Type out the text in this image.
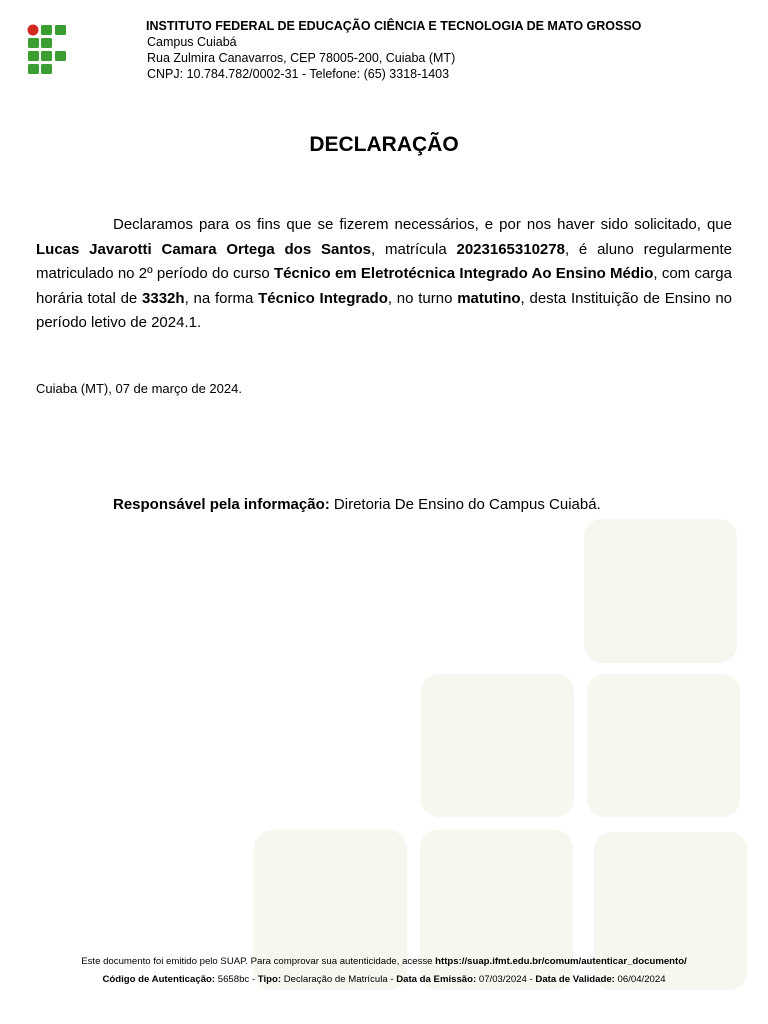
INSTITUTO FEDERAL DE EDUCAÇÃO CIÊNCIA E TECNOLOGIA DE MATO GROSSO
Campus Cuiabá
Rua Zulmira Canavarros, CEP 78005-200, Cuiaba (MT)
CNPJ: 10.784.782/0002-31 - Telefone: (65) 3318-1403
DECLARAÇÃO
Declaramos para os fins que se fizerem necessários, e por nos haver sido solicitado, que Lucas Javarotti Camara Ortega dos Santos, matrícula 2023165310278, é aluno regularmente matriculado no 2º período do curso Técnico em Eletrotécnica Integrado Ao Ensino Médio, com carga horária total de 3332h, na forma Técnico Integrado, no turno matutino, desta Instituição de Ensino no período letivo de 2024.1.
Cuiaba (MT), 07 de março de 2024.
Responsável pela informação: Diretoria De Ensino do Campus Cuiabá.
Este documento foi emitido pelo SUAP. Para comprovar sua autenticidade, acesse https://suap.ifmt.edu.br/comum/autenticar_documento/
Código de Autenticação: 5658bc - Tipo: Declaração de Matrícula - Data da Emissão: 07/03/2024 - Data de Validade: 06/04/2024
